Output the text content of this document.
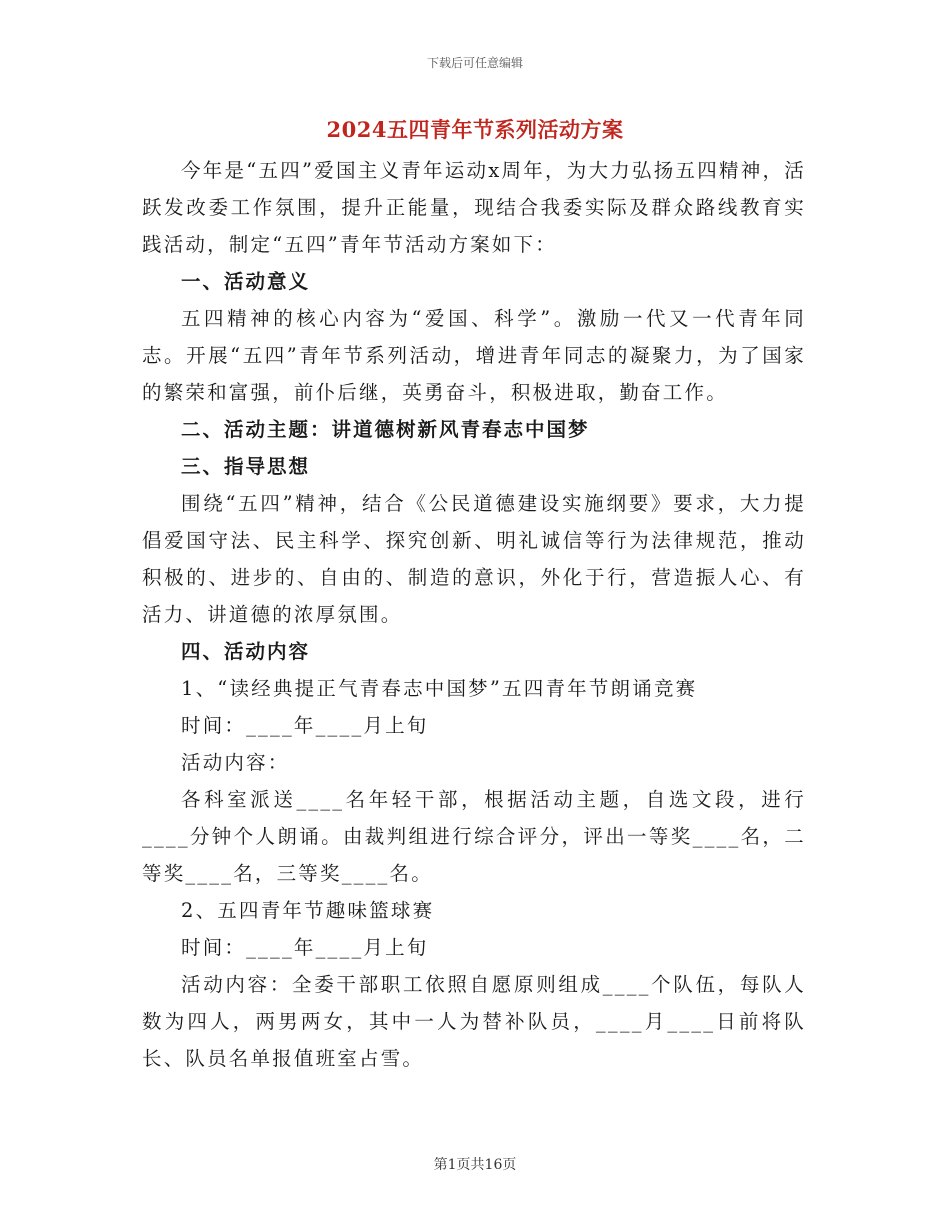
下载后可任意编辑
2024五四青年节系列活动方案

今年是“五四”爱国主义青年运动x周年，为大力弘扬五四精神，活跃发改委工作氛围，提升正能量，现结合我委实际及群众路线教育实践活动，制定“五四”青年节活动方案如下：

一、活动意义

五四精神的核心内容为“爱国、科学”。激励一代又一代青年同志。开展“五四”青年节系列活动，增进青年同志的凝聚力，为了国家的繁荣和富强，前仆后继，英勇奋斗，积极进取，勤奋工作。

二、活动主题：讲道德树新风青春志中国梦

三、指导思想

围绕“五四”精神，结合《公民道德建设实施纲要》要求，大力提倡爱国守法、民主科学、探究创新、明礼诚信等行为法律规范，推动积极的、进步的、自由的、制造的意识，外化于行，营造振人心、有活力、讲道德的浓厚氛围。

四、活动内容

1、“读经典提正气青春志中国梦”五四青年节朗诵竞赛

时间：____年____月上旬

活动内容：

各科室派送____名年轻干部，根据活动主题，自选文段，进行____分钟个人朗诵。由裁判组进行综合评分，评出一等奖____名，二等奖____名，三等奖____名。

2、五四青年节趣味篮球赛

时间：____年____月上旬

活动内容：全委干部职工依照自愿原则组成____个队伍，每队人数为四人，两男两女，其中一人为替补队员，____月____日前将队长、队员名单报值班室占雪。

第1页共16页
